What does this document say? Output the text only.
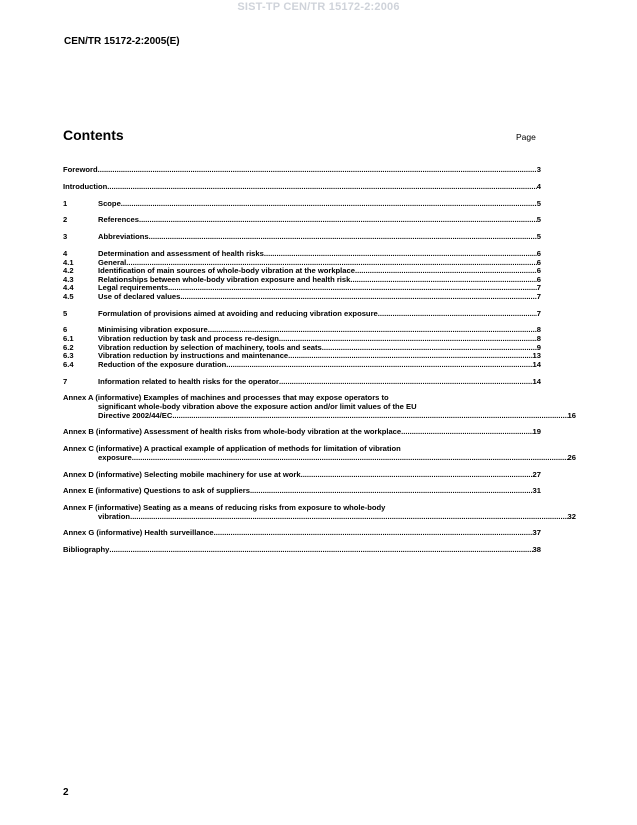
SIST-TP CEN/TR 15172-2:2006
CEN/TR 15172-2:2005(E)
Contents	Page
Foreword .....	3
Introduction .....	4
1	Scope .....	5
2	References .....	5
3	Abbreviations .....	5
4	Determination and assessment of health risks .....	6
4.1	General .....	6
4.2	Identification of main sources of whole-body vibration at the workplace .....	6
4.3	Relationships between whole-body vibration exposure and health risk .....	6
4.4	Legal requirements .....	7
4.5	Use of declared values .....	7
5	Formulation of provisions aimed at avoiding and reducing vibration exposure .....	7
6	Minimising vibration exposure .....	8
6.1	Vibration reduction by task and process re-design .....	8
6.2	Vibration reduction by selection of machinery, tools and seats .....	9
6.3	Vibration reduction by instructions and maintenance .....	13
6.4	Reduction of the exposure duration .....	14
7	Information related to health risks for the operator .....	14
Annex A (informative) Examples of machines and processes that may expose operators to
significant whole-body vibration above the exposure action and/or limit values of the EU
Directive 2002/44/EC .....	16
Annex B (informative) Assessment of health risks from whole-body vibration at the workplace .....	19
Annex C (informative) A practical example of application of methods for limitation of vibration
exposure .....	26
Annex D (informative) Selecting mobile machinery for use at work .....	27
Annex E (informative) Questions to ask of suppliers .....	31
Annex F (informative) Seating as a means of reducing risks from exposure to whole-body
vibration .....	32
Annex G (informative) Health surveillance .....	37
Bibliography .....	38
2
